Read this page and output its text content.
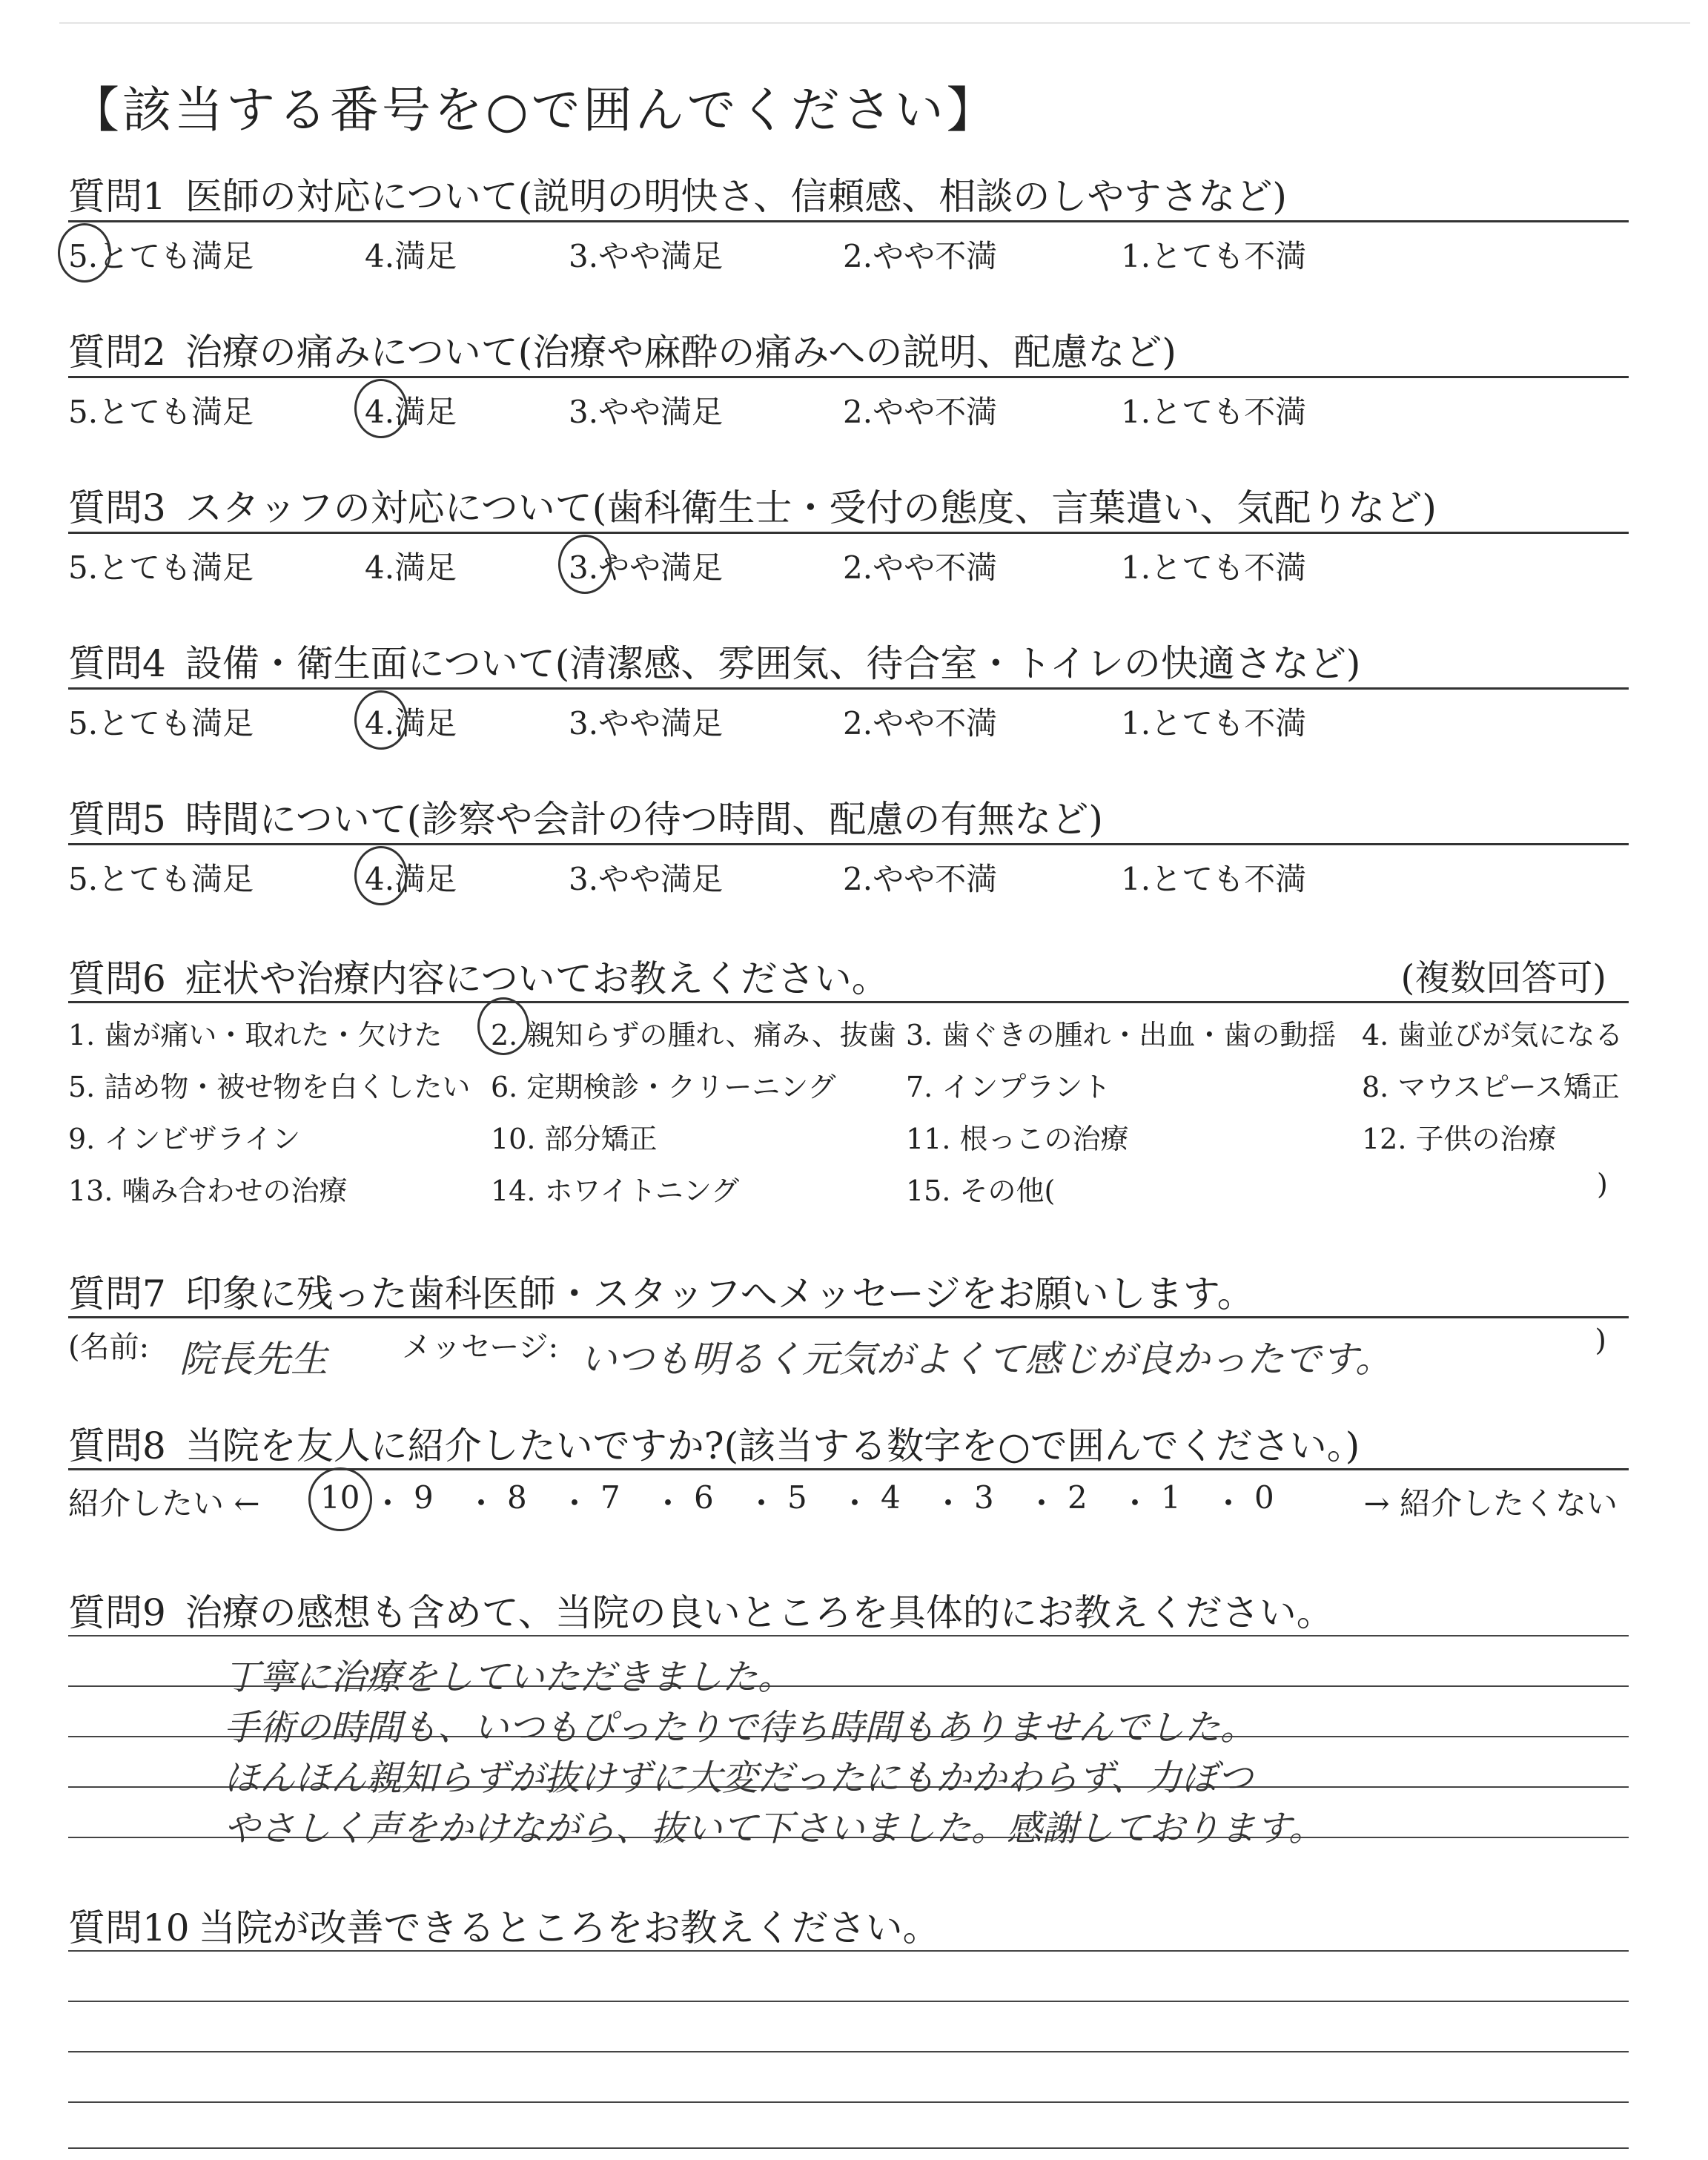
【該当する番号を○で囲んでください】
質問1 医師の対応について(説明の明快さ、信頼感、相談のしやすさなど)
5.とても満足	4.満足	3.やや満足	2.やや不満	1.とても不満
質問2 治療の痛みについて(治療や麻酔の痛みへの説明、配慮など)
5.とても満足	4.満足	3.やや満足	2.やや不満	1.とても不満
質問3 スタッフの対応について(歯科衛生士・受付の態度、言葉遣い、気配りなど)
5.とても満足	4.満足	3.やや満足	2.やや不満	1.とても不満
質問4 設備・衛生面について(清潔感、雰囲気、待合室・トイレの快適さなど)
5.とても満足	4.満足	3.やや満足	2.やや不満	1.とても不満
質問5 時間について(診察や会計の待つ時間、配慮の有無など)
5.とても満足	4.満足	3.やや満足	2.やや不満	1.とても不満
質問6 症状や治療内容についてお教えください。	(複数回答可)
1. 歯が痛い・取れた・欠けた 2. 親知らずの腫れ、痛み、抜歯 3. 歯ぐきの腫れ・出血・歯の動揺 4. 歯並びが気になる
5. 詰め物・被せ物を白くしたい 6. 定期検診・クリーニング 7. インプラント	8. マウスピース矯正
9. インビザライン	10. 部分矯正	11. 根っこの治療	12. 子供の治療
13. 噛み合わせの治療	14. ホワイトニング	15. その他(	)
質問7 印象に残った歯科医師・スタッフへメッセージをお願いします。
(名前: 院長先生	メッセージ: いつも明るく元気がよくて感じが良かったです。	)
質問8 当院を友人に紹介したいですか?(該当する数字を○で囲んでください。)
紹介したい ← 10 ・ 9 ・ 8 ・ 7 ・ 6 ・ 5 ・ 4 ・ 3 ・ 2 ・ 1 ・ 0	→ 紹介したくない
質問9 治療の感想も含めて、当院の良いところを具体的にお教えください。
丁寧に治療をしていただきました。
手術の時間も、いつもぴったりで待ち時間もありませんでした。
ほんほん親知らずが抜けずに大変だったにもかかわらず、力ぼつ
やさしく声をかけながら、抜いて下さいました。感謝しております。
質問10 当院が改善できるところをお教えください。
